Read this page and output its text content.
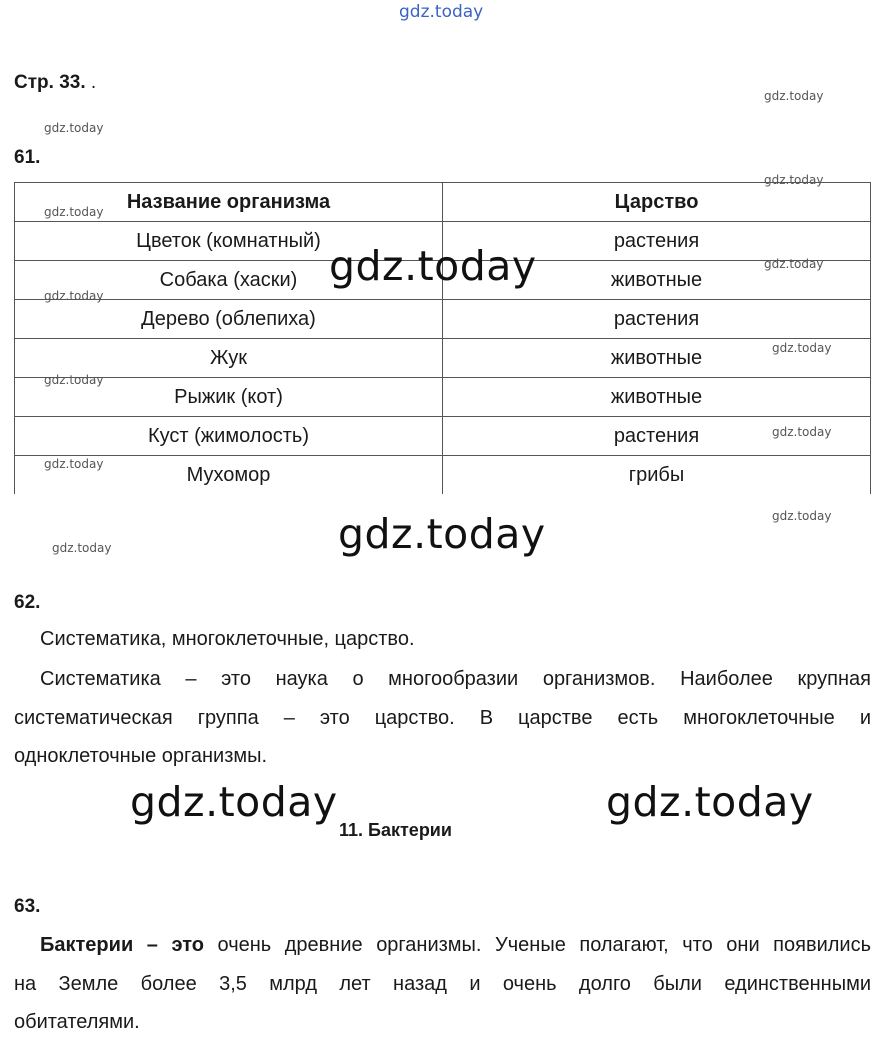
gdz.today
Стр. 33. .
gdz.today
gdz.today
61.
Название организма	Царство
Цветок (комнатный)	растения
Собака (хаски)	животные
Дерево (облепиха)	растения
Жук	животные
Рыжик (кот)	животные
Куст (жимолость)	растения
Мухомор	грибы
gdz.today
gdz.today
gdz.today
gdz.today
gdz.today
gdz.today
gdz.today
gdz.today
gdz.today
gdz.today
gdz.today
gdz.today
62.
Систематика, многоклеточные, царство.
Систематика – это наука о многообразии организмов. Наиболее крупная
систематическая группа – это царство. В царстве есть многоклеточные и
одноклеточные организмы.
gdz.today	gdz.today
11. Бактерии
63.
Бактерии – это очень древние организмы. Ученые полагают, что они появились
на Земле более 3,5 млрд лет назад и очень долго были единственными
обитателями.
